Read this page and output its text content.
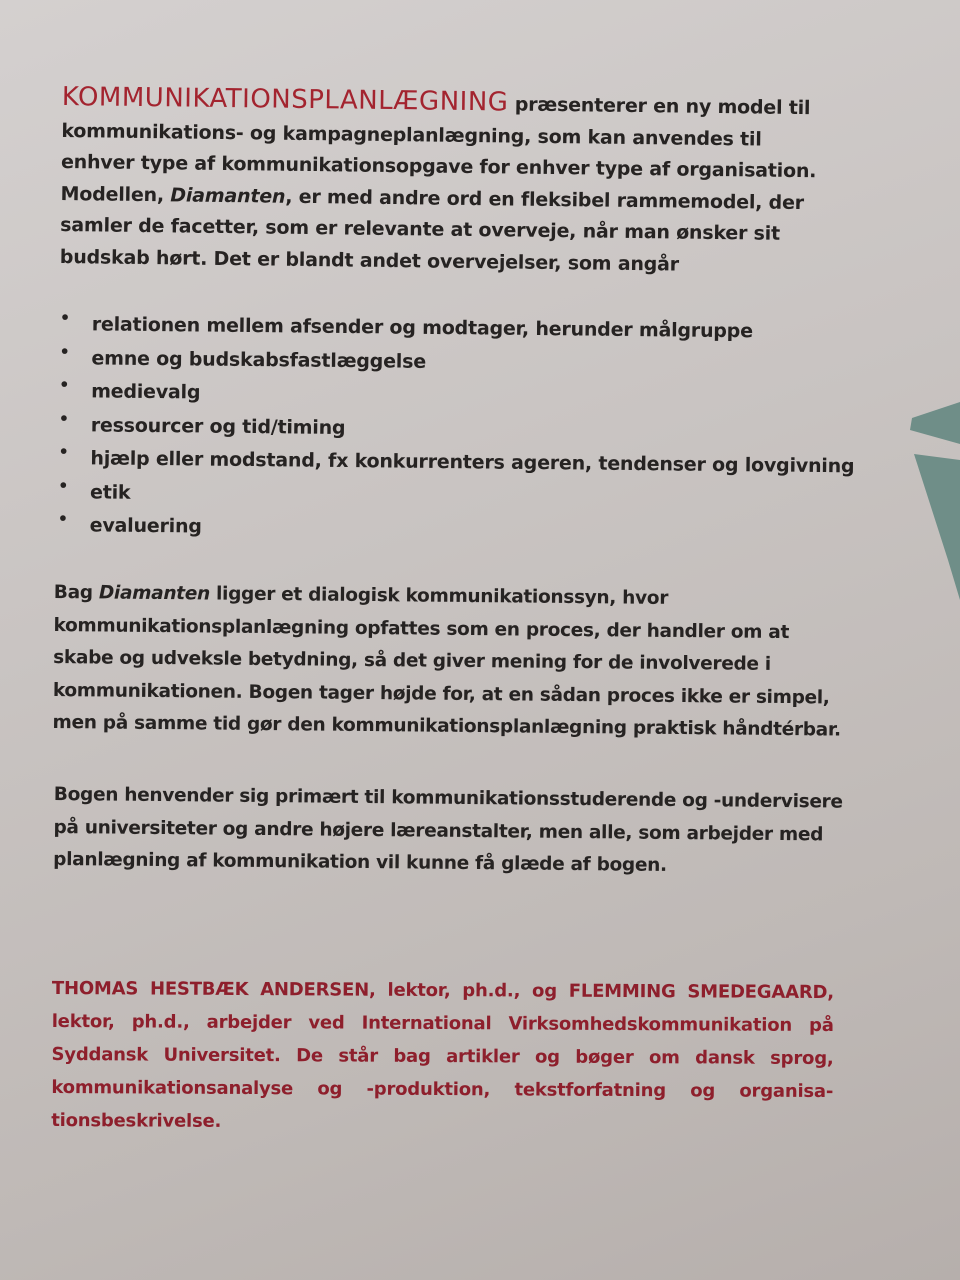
KOMMUNIKATIONSPLANLÆGNING præsenterer en ny model til kommunikations- og kampagneplanlægning, som kan anvendes til enhver type af kommunikationsopgave for enhver type af organisation. Modellen, Diamanten, er med andre ord en fleksibel rammemodel, der samler de facetter, som er relevante at overveje, når man ønsker sit budskab hørt. Det er blandt andet overvejelser, som angår
• relationen mellem afsender og modtager, herunder målgruppe
• emne og budskabsfastlæggelse
• medievalg
• ressourcer og tid/timing
• hjælp eller modstand, fx konkurrenters ageren, tendenser og lovgivning
• etik
• evaluering
Bag Diamanten ligger et dialogisk kommunikationssyn, hvor kommunikationsplanlægning opfattes som en proces, der handler om at skabe og udveksle betydning, så det giver mening for de involverede i kommunikationen. Bogen tager højde for, at en sådan proces ikke er simpel, men på samme tid gør den kommunikationsplanlægning praktisk håndtérbar.
Bogen henvender sig primært til kommunikationsstuderende og -undervisere på universiteter og andre højere læreanstalter, men alle, som arbejder med planlægning af kommunikation vil kunne få glæde af bogen.
THOMAS HESTBÆK ANDERSEN, lektor, ph.d., og FLEMMING SMEDEGAARD, lektor, ph.d., arbejder ved International Virksomhedskommunikation på Syddansk Universitet. De står bag artikler og bøger om dansk sprog, kommunikationsanalyse og -produktion, tekstforfatning og organisationsbeskrivelse.
